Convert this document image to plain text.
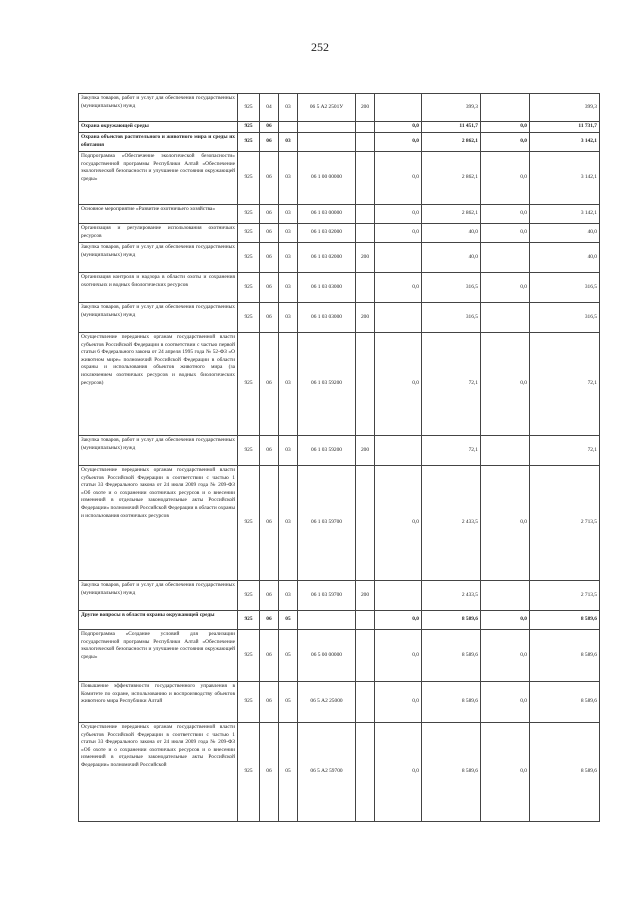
252
Закупка товаров, работ и услуг для обеспечения государственных (муниципальных) нужд	925	04	03	06 5 А2 2501У	200		399,3		399,3
Охрана окружающей среды	925	06				0,0	11 451,7	0,0	11 731,7
Охрана объектов растительного и животного мира и среды их обитания	925	06	03			0,0	2 862,1	0,0	3 142,1
Подпрограмма «Обеспечение экологической безопасности» государственной программы Республики Алтай «Обеспечение экологической безопасности и улучшение состояния окружающей среды»	925	06	03	06 1 00 00000		0,0	2 862,1	0,0	3 142,1
Основное мероприятие «Развитие охотничьего хозяйства»	925	06	03	06 1 03 00000		0,0	2 862,1	0,0	3 142,1
Организация и регулирование использования охотничьих ресурсов	925	06	03	06 1 03 02000		0,0	40,0	0,0	40,0
Закупка товаров, работ и услуг для обеспечения государственных (муниципальных) нужд	925	06	03	06 1 03 02000	200		40,0		40,0
Организация контроля и надзора в области охоты и сохранения охотничьих и водных биологических ресурсов	925	06	03	06 1 03 03000		0,0	316,5	0,0	316,5
Закупка товаров, работ и услуг для обеспечения государственных (муниципальных) нужд	925	06	03	06 1 03 03000	200		316,5		316,5
Осуществление переданных органам государственной власти субъектов Российской Федерации в соответствии с частью первой статьи 6 Федерального закона от 24 апреля 1995 года № 52-ФЗ «О животном мире» полномочий Российской Федерации в области охраны и использования объектов животного мира (за исключением охотничьих ресурсов и водных биологических ресурсов)	925	06	03	06 1 03 59200		0,0	72,1	0,0	72,1
Закупка товаров, работ и услуг для обеспечения государственных (муниципальных) нужд	925	06	03	06 1 03 59200	200		72,1		72,1
Осуществление переданных органам государственной власти субъектов Российской Федерации в соответствии с частью 1 статьи 33 Федерального закона от 24 июля 2009 года № 209-ФЗ «Об охоте и о сохранении охотничьих ресурсов и о внесении изменений в отдельные законодательные акты Российской Федерации» полномочий Российской Федерации в области охраны и использования охотничьих ресурсов	925	06	03	06 1 03 59700		0,0	2 433,5	0,0	2 713,5
Закупка товаров, работ и услуг для обеспечения государственных (муниципальных) нужд	925	06	03	06 1 03 59700	200		2 433,5		2 713,5
Другие вопросы в области охраны окружающей среды	925	06	05			0,0	8 589,6	0,0	8 589,6
Подпрограмма «Создание условий для реализации государственной программы Республики Алтай «Обеспечение экологической безопасности и улучшение состояния окружающей среды»	925	06	05	06 5 00 00000		0,0	8 589,6	0,0	8 589,6
Повышение эффективности государственного управления в Комитете по охране, использованию и воспроизводству объектов животного мира Республики Алтай	925	06	05	06 5 А2 25000		0,0	8 589,6	0,0	8 589,6
Осуществление переданных органам государственной власти субъектов Российской Федерации в соответствии с частью 1 статьи 33 Федерального закона от 24 июля 2009 года № 209-ФЗ «Об охоте и о сохранении охотничьих ресурсов и о внесении изменений в отдельные законодательные акты Российской Федерации» полномочий Российской	925	06	05	06 5 А2 59700		0,0	8 589,6	0,0	8 589,6
